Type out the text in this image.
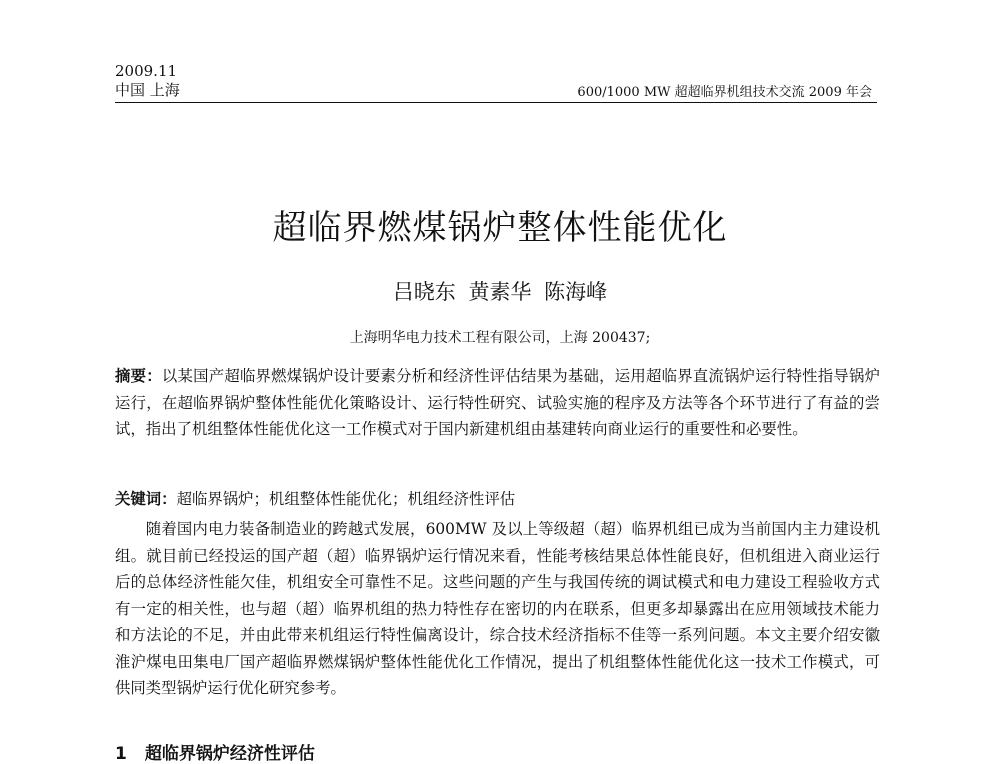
2009.11
中国 上海	600/1000 MW 超超临界机组技术交流 2009 年会
超临界燃煤锅炉整体性能优化
吕晓东 黄素华 陈海峰
上海明华电力技术工程有限公司，上海 200437;
摘要：以某国产超临界燃煤锅炉设计要素分析和经济性评估结果为基础，运用超临界直流锅炉运行特性指导锅炉运行，在超临界锅炉整体性能优化策略设计、运行特性研究、试验实施的程序及方法等各个环节进行了有益的尝试，指出了机组整体性能优化这一工作模式对于国内新建机组由基建转向商业运行的重要性和必要性。
关键词：超临界锅炉；机组整体性能优化；机组经济性评估
随着国内电力装备制造业的跨越式发展，600MW 及以上等级超（超）临界机组已成为当前国内主力建设机组。就目前已经投运的国产超（超）临界锅炉运行情况来看，性能考核结果总体性能良好，但机组进入商业运行后的总体经济性能欠佳，机组安全可靠性不足。这些问题的产生与我国传统的调试模式和电力建设工程验收方式有一定的相关性，也与超（超）临界机组的热力特性存在密切的内在联系，但更多却暴露出在应用领域技术能力和方法论的不足，并由此带来机组运行特性偏离设计，综合技术经济指标不佳等一系列问题。本文主要介绍安徽淮沪煤电田集电厂国产超临界燃煤锅炉整体性能优化工作情况，提出了机组整体性能优化这一技术工作模式，可供同类型锅炉运行优化研究参考。
1 超临界锅炉经济性评估
